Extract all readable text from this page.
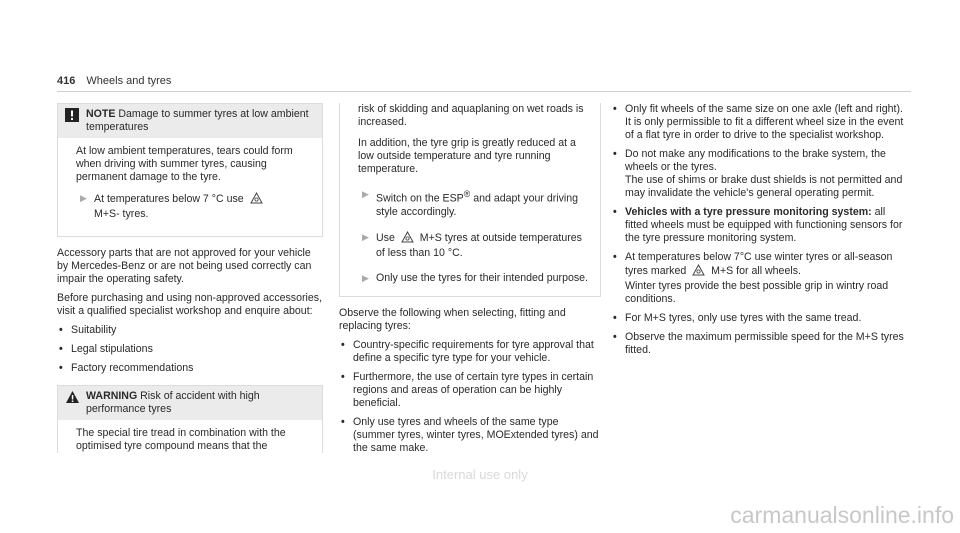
416 Wheels and tyres
NOTE Damage to summer tyres at low ambient temperatures

At low ambient temperatures, tears could form when driving with summer tyres, causing permanent damage to the tyre.

▶ At temperatures below 7 °C use
M+S- tyres.

Accessory parts that are not approved for your vehicle by Mercedes-Benz or are not being used correctly can impair the operating safety.

Before purchasing and using non-approved accessories, visit a qualified specialist workshop and enquire about:

• Suitability
• Legal stipulations
• Factory recommendations
WARNING Risk of accident with high performance tyres

The special tire tread in combination with the optimised tyre compound means that the

risk of skidding and aquaplaning on wet roads is increased.

In addition, the tyre grip is greatly reduced at a low outside temperature and tyre running temperature.

▶ Switch on the ESP® and adapt your driving style accordingly.
▶ Use M+S tyres at outside temperatures of less than 10 °C.
▶ Only use the tyres for their intended purpose.

Observe the following when selecting, fitting and replacing tyres:

• Country-specific requirements for tyre approval that define a specific tyre type for your vehicle.
• Furthermore, the use of certain tyre types in certain regions and areas of operation can be highly beneficial.
• Only use tyres and wheels of the same type (summer tyres, winter tyres, MOExtended tyres) and the same make.
• Only fit wheels of the same size on one axle (left and right).
It is only permissible to fit a different wheel size in the event of a flat tyre in order to drive to the specialist workshop.
• Do not make any modifications to the brake system, the wheels or the tyres.
The use of shims or brake dust shields is not permitted and may invalidate the vehicle's general operating permit.
• Vehicles with a tyre pressure monitoring system: all fitted wheels must be equipped with functioning sensors for the tyre pressure monitoring system.
• At temperatures below 7°C use winter tyres or all-season tyres marked M+S for all wheels.
Winter tyres provide the best possible grip in wintry road conditions.
• For M+S tyres, only use tyres with the same tread.
• Observe the maximum permissible speed for the M+S tyres fitted.
Internal use only
carmanualsonline.info
